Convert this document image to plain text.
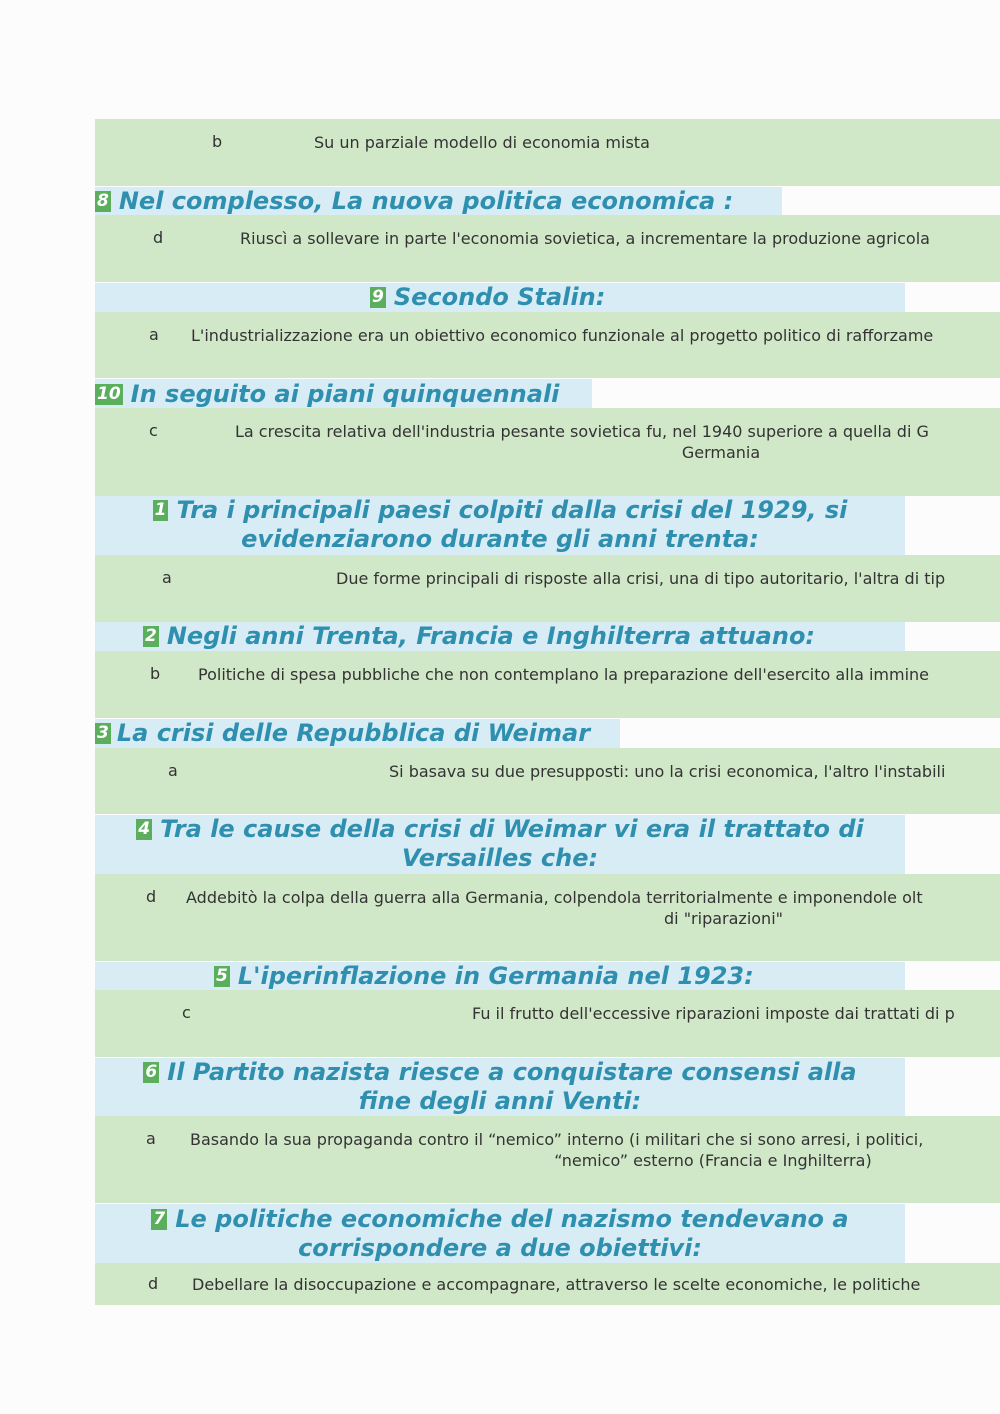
b	Su un parziale modello di economia mista
8 Nel complesso, La nuova politica economica :
d	Riuscì a sollevare in parte l'economia sovietica, a incrementare la produzione agricola
9 Secondo Stalin:
a L'industrializzazione era un obiettivo economico funzionale al progetto politico di rafforzame
10 In seguito ai piani quinquennali
c	La crescita relativa dell'industria pesante sovietica fu, nel 1940 superiore a quella di G
Germania
1 Tra i principali paesi colpiti dalla crisi del 1929, si
evidenziarono durante gli anni trenta:
a	Due forme principali di risposte alla crisi, una di tipo autoritario, l'altra di tip
2 Negli anni Trenta, Francia e Inghilterra attuano:
b Politiche di spesa pubbliche che non contemplano la preparazione dell'esercito alla immine
3 La crisi delle Repubblica di Weimar
a	Si basava su due presupposti: uno la crisi economica, l'altro l'instabili
4 Tra le cause della crisi di Weimar vi era il trattato di
Versailles che:
d Addebitò la colpa della guerra alla Germania, colpendola territorialmente e imponendole olt
di "riparazioni"
5 L'iperinflazione in Germania nel 1923:
c	Fu il frutto dell'eccessive riparazioni imposte dai trattati di p
6 Il Partito nazista riesce a conquistare consensi alla
fine degli anni Venti:
a Basando la sua propaganda contro il “nemico” interno (i militari che si sono arresi, i politici,
“nemico” esterno (Francia e Inghilterra)
7 Le politiche economiche del nazismo tendevano a
corrispondere a due obiettivi:
d Debellare la disoccupazione e accompagnare, attraverso le scelte economiche, le politiche
